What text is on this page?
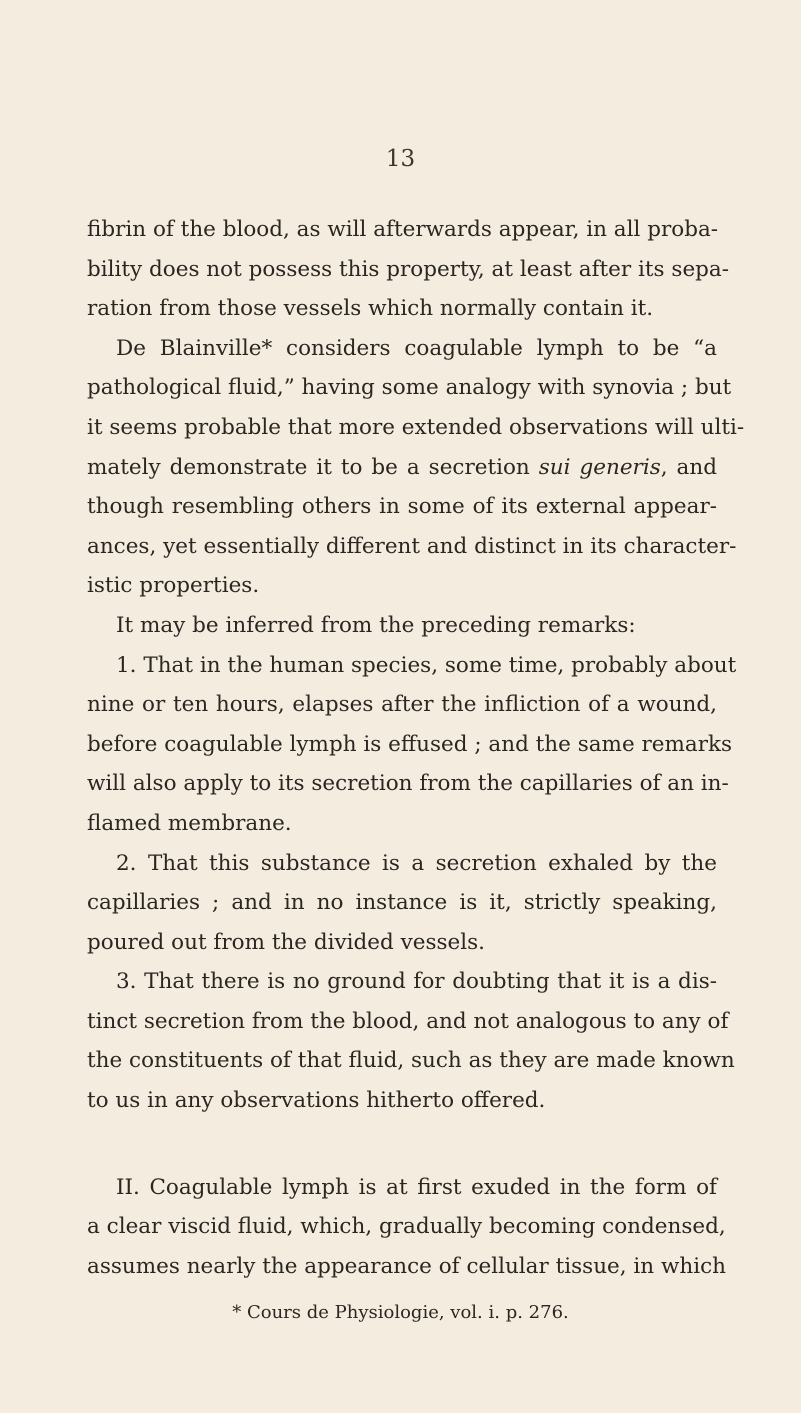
13
fibrin of the blood, as will afterwards appear, in all proba-
bility does not possess this property, at least after its sepa-
ration from those vessels which normally contain it.
De Blainville* considers coagulable lymph to be “a
pathological fluid,” having some analogy with synovia ; but
it seems probable that more extended observations will ulti-
mately demonstrate it to be a secretion sui generis, and
though resembling others in some of its external appear-
ances, yet essentially different and distinct in its character-
istic properties.
It may be inferred from the preceding remarks:
1. That in the human species, some time, probably about
nine or ten hours, elapses after the infliction of a wound,
before coagulable lymph is effused ; and the same remarks
will also apply to its secretion from the capillaries of an in-
flamed membrane.
2. That this substance is a secretion exhaled by the
capillaries ; and in no instance is it, strictly speaking,
poured out from the divided vessels.
3. That there is no ground for doubting that it is a dis-
tinct secretion from the blood, and not analogous to any of
the constituents of that fluid, such as they are made known
to us in any observations hitherto offered.
II. Coagulable lymph is at first exuded in the form of
a clear viscid fluid, which, gradually becoming condensed,
assumes nearly the appearance of cellular tissue, in which
* Cours de Physiologie, vol. i. p. 276.
